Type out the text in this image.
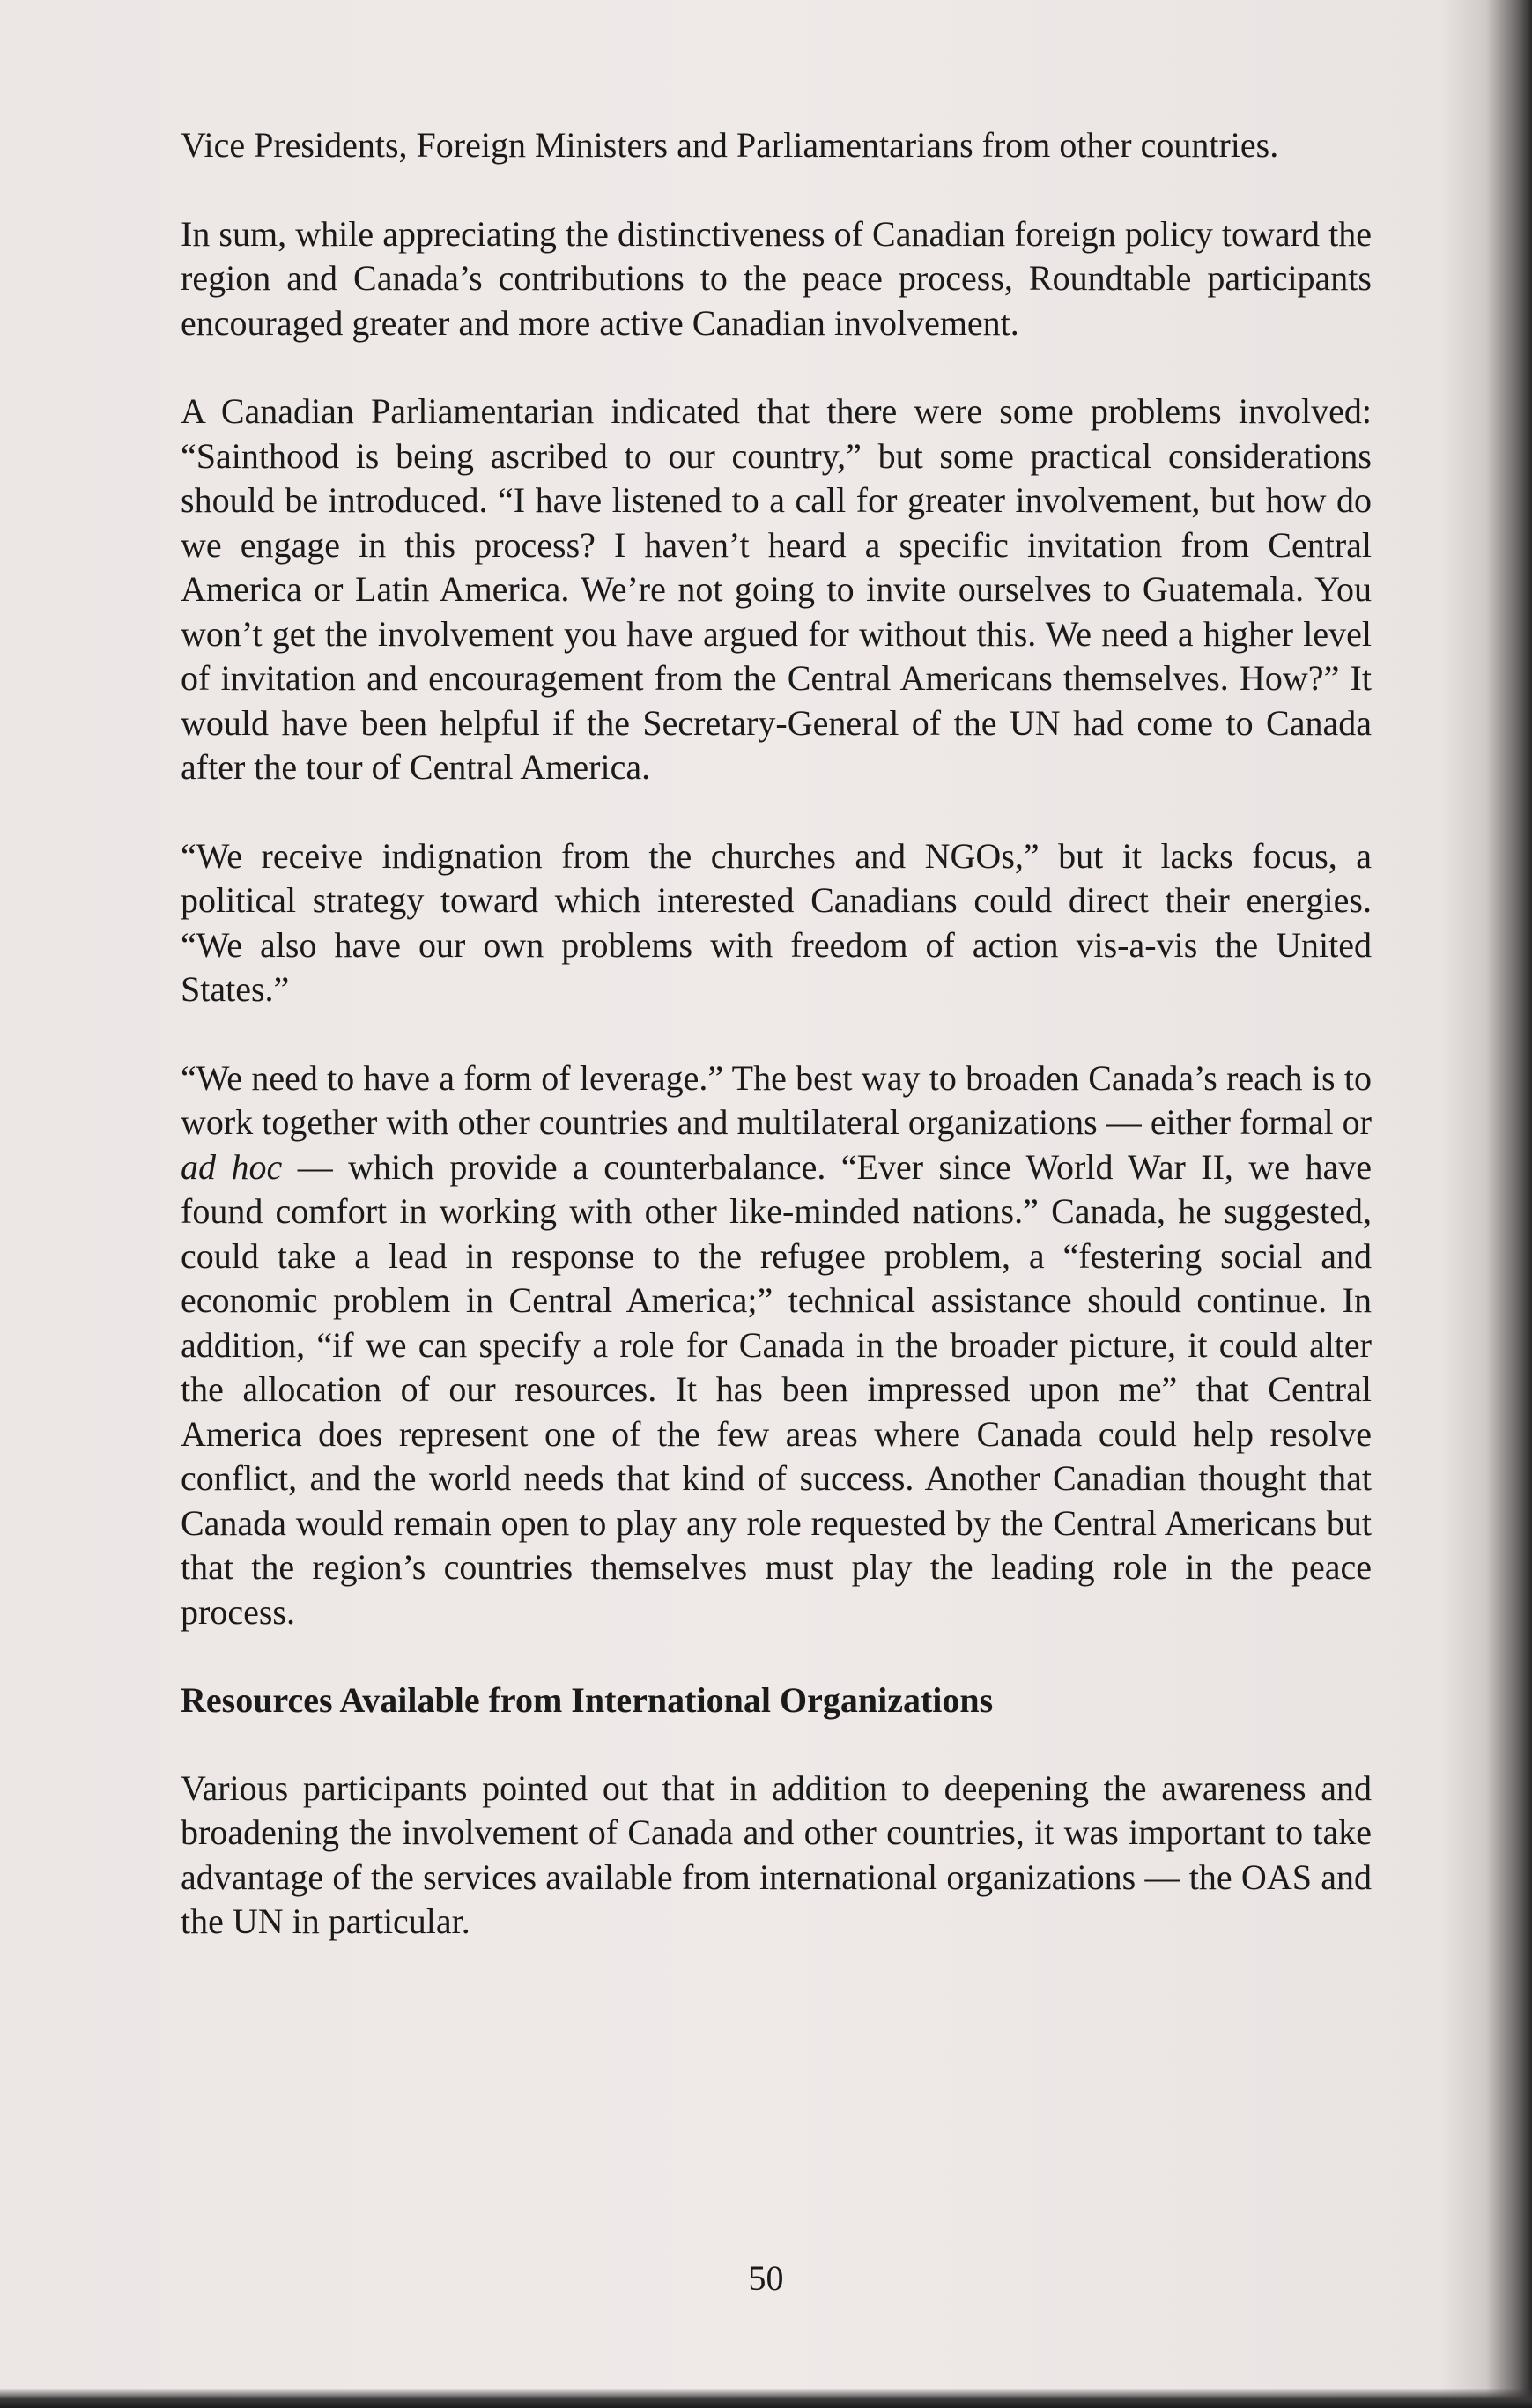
Vice Presidents, Foreign Ministers and Parliamentarians from other countries.

In sum, while appreciating the distinctiveness of Canadian foreign policy toward the region and Canada’s contributions to the peace process, Roundtable participants encouraged greater and more active Canadian involvement.

A Canadian Parliamentarian indicated that there were some problems involved: “Sainthood is being ascribed to our country,” but some practical considerations should be introduced. “I have listened to a call for greater involvement, but how do we engage in this process? I haven’t heard a specific invitation from Central America or Latin America. We’re not going to invite ourselves to Guatemala. You won’t get the involvement you have argued for without this. We need a higher level of invitation and encouragement from the Central Americans themselves. How?” It would have been helpful if the Secretary-General of the UN had come to Canada after the tour of Central America.

“We receive indignation from the churches and NGOs,” but it lacks focus, a political strategy toward which interested Canadians could direct their energies. “We also have our own problems with freedom of action vis-a-vis the United States.”

“We need to have a form of leverage.” The best way to broaden Canada’s reach is to work together with other countries and multilateral organizations — either formal or ad hoc — which provide a counterbalance. “Ever since World War II, we have found comfort in working with other like-minded nations.” Canada, he suggested, could take a lead in response to the refugee problem, a “festering social and economic problem in Central America;” technical assistance should continue. In addition, “if we can specify a role for Canada in the broader picture, it could alter the allocation of our resources. It has been impressed upon me” that Central America does represent one of the few areas where Canada could help resolve conflict, and the world needs that kind of success. Another Canadian thought that Canada would remain open to play any role requested by the Central Americans but that the region’s countries themselves must play the leading role in the peace process.

Resources Available from International Organizations

Various participants pointed out that in addition to deepening the awareness and broadening the involvement of Canada and other countries, it was important to take advantage of the services available from international organizations — the OAS and the UN in particular.

50
